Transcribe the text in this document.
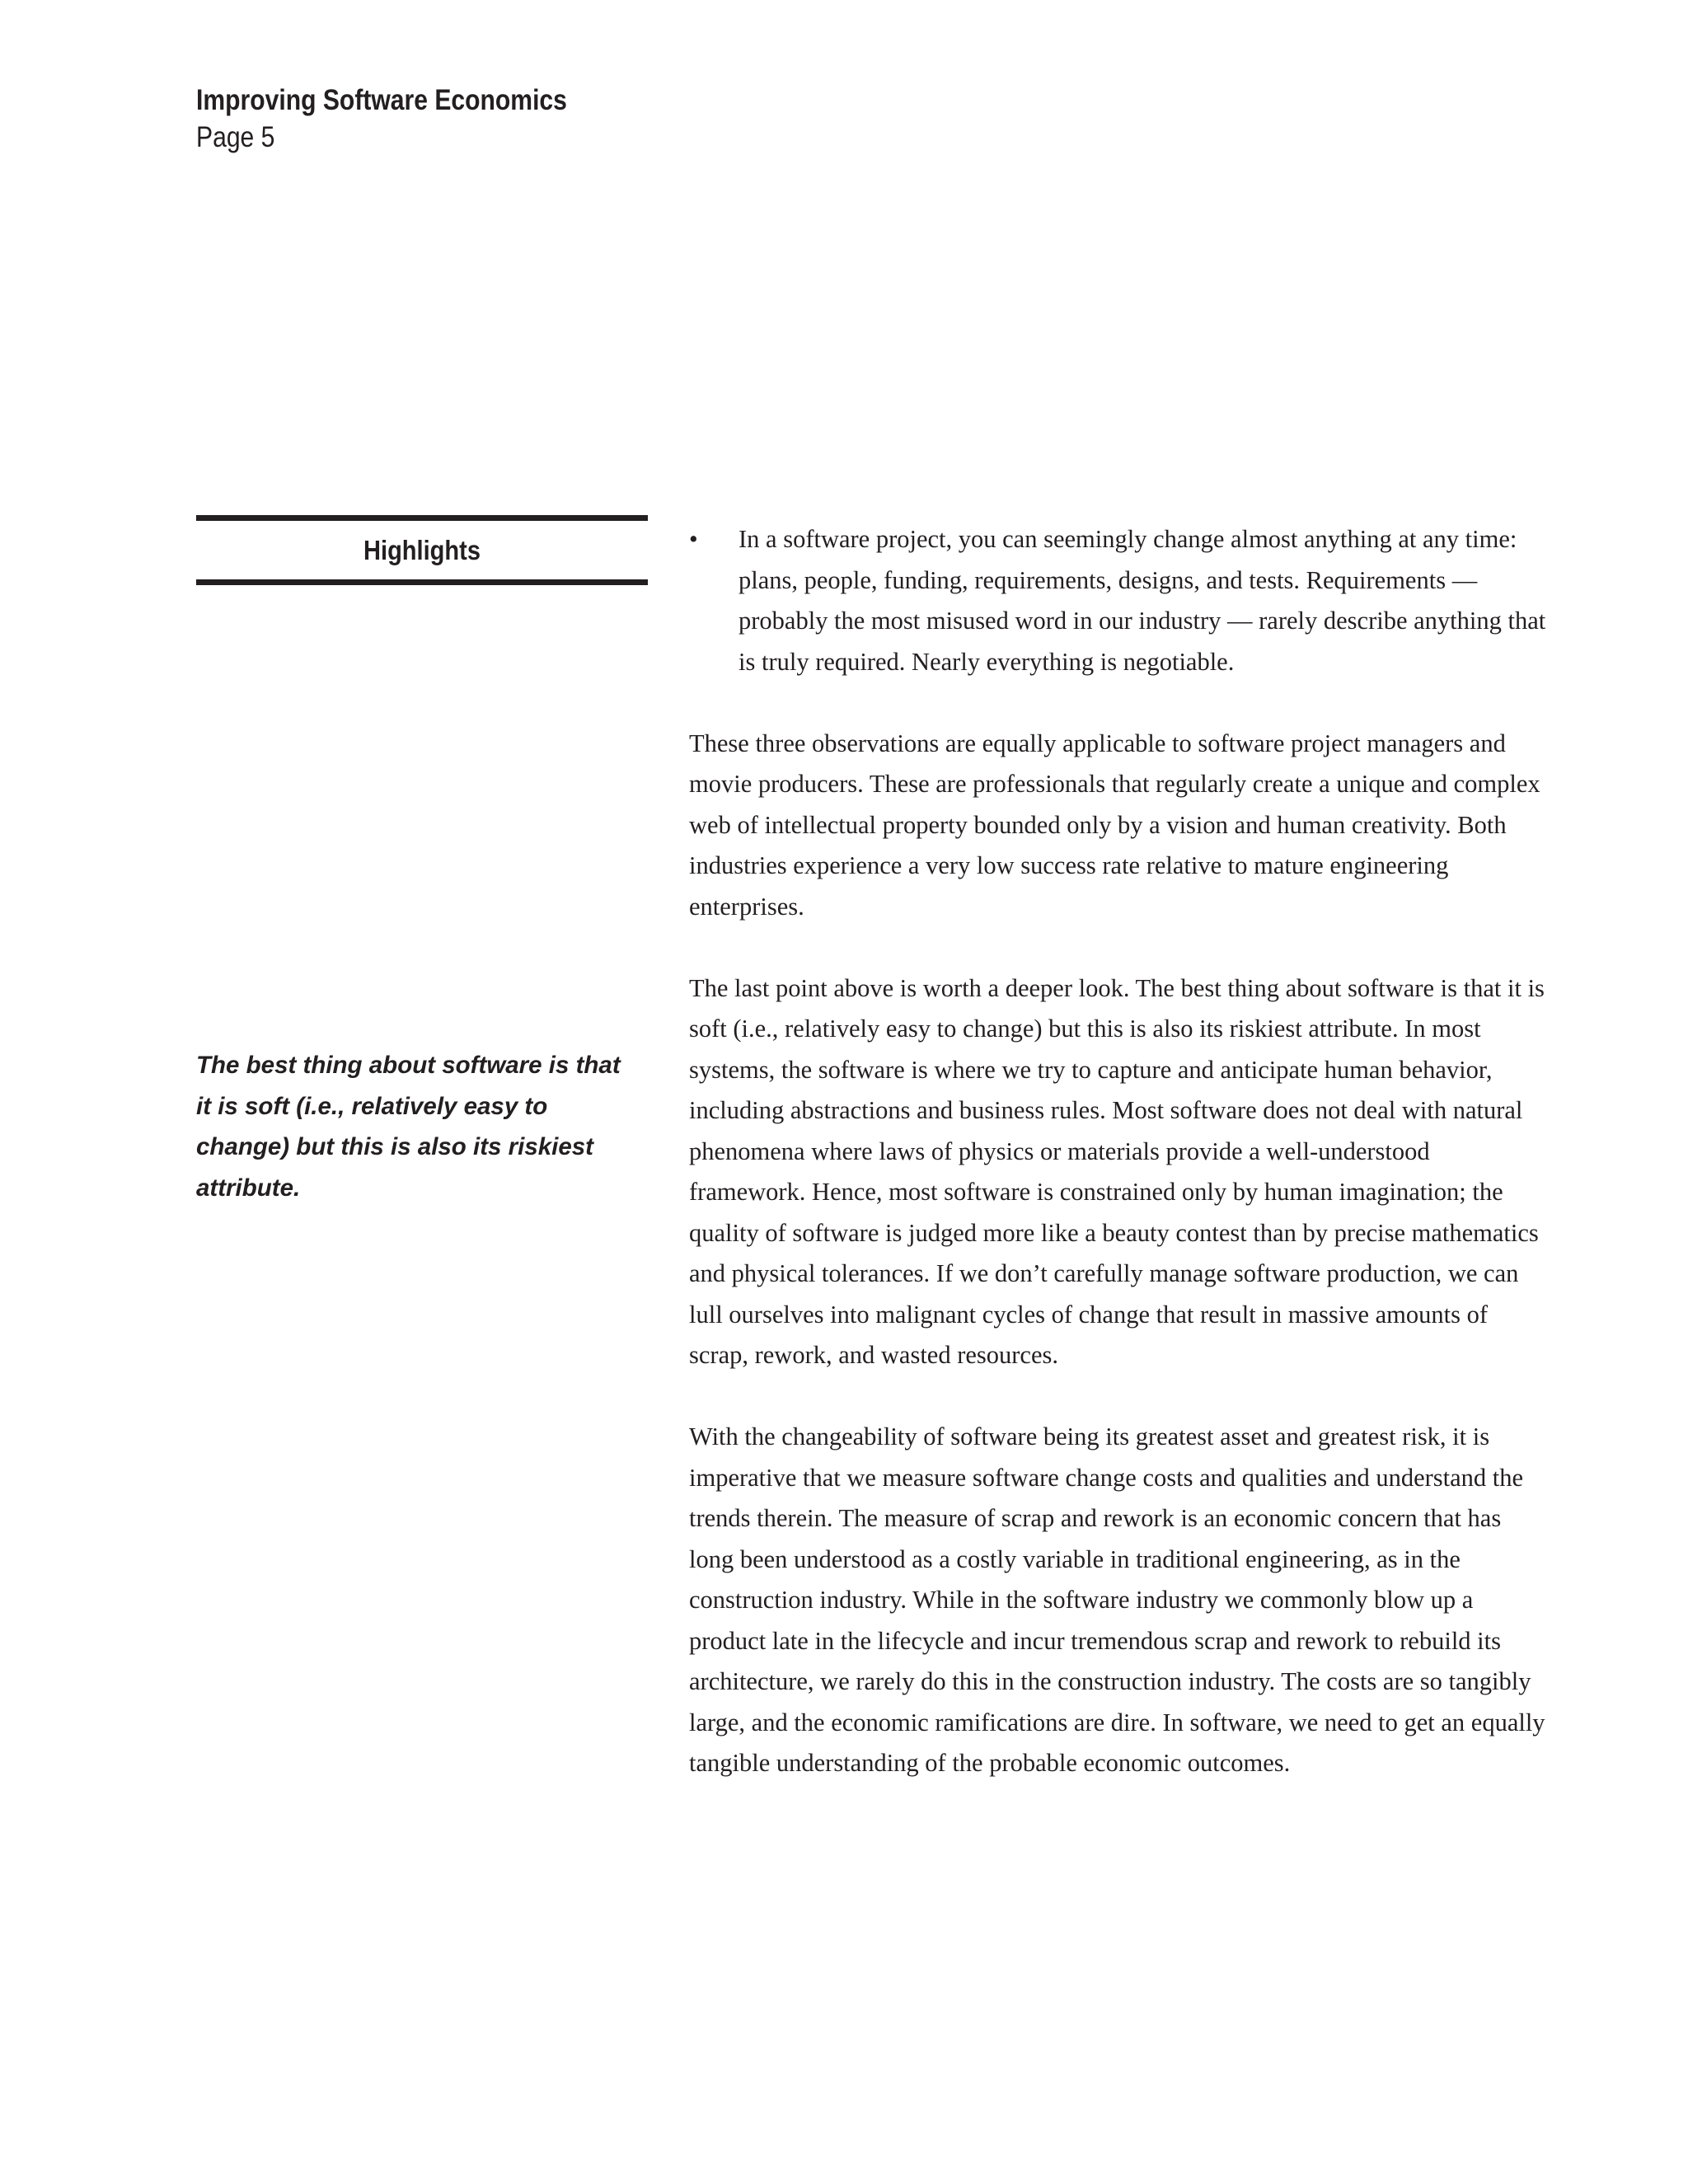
Improving Software Economics
Page 5
Highlights
The best thing about software is that it is soft (i.e., relatively easy to change) but this is also its riskiest attribute.
• In a software project, you can seemingly change almost anything at any time: plans, people, funding, requirements, designs, and tests. Requirements — probably the most misused word in our industry — rarely describe anything that is truly required. Nearly everything is negotiable.

These three observations are equally applicable to software project managers and movie producers. These are professionals that regularly create a unique and complex web of intellectual property bounded only by a vision and human creativity. Both industries experience a very low success rate relative to mature engineering enterprises.

The last point above is worth a deeper look. The best thing about software is that it is soft (i.e., relatively easy to change) but this is also its riskiest attribute. In most systems, the software is where we try to capture and anticipate human behavior, including abstractions and business rules. Most software does not deal with natural phenomena where laws of physics or materials provide a well-understood framework. Hence, most software is constrained only by human imagination; the quality of software is judged more like a beauty contest than by precise mathematics and physical tolerances. If we don’t carefully manage software production, we can lull ourselves into malignant cycles of change that result in massive amounts of scrap, rework, and wasted resources.

With the changeability of software being its greatest asset and greatest risk, it is imperative that we measure software change costs and qualities and understand the trends therein. The measure of scrap and rework is an economic concern that has long been understood as a costly variable in traditional engineering, as in the construction industry. While in the software industry we commonly blow up a product late in the lifecycle and incur tremendous scrap and rework to rebuild its architecture, we rarely do this in the construction industry. The costs are so tangibly large, and the economic ramifications are dire. In software, we need to get an equally tangible understanding of the probable economic outcomes.
